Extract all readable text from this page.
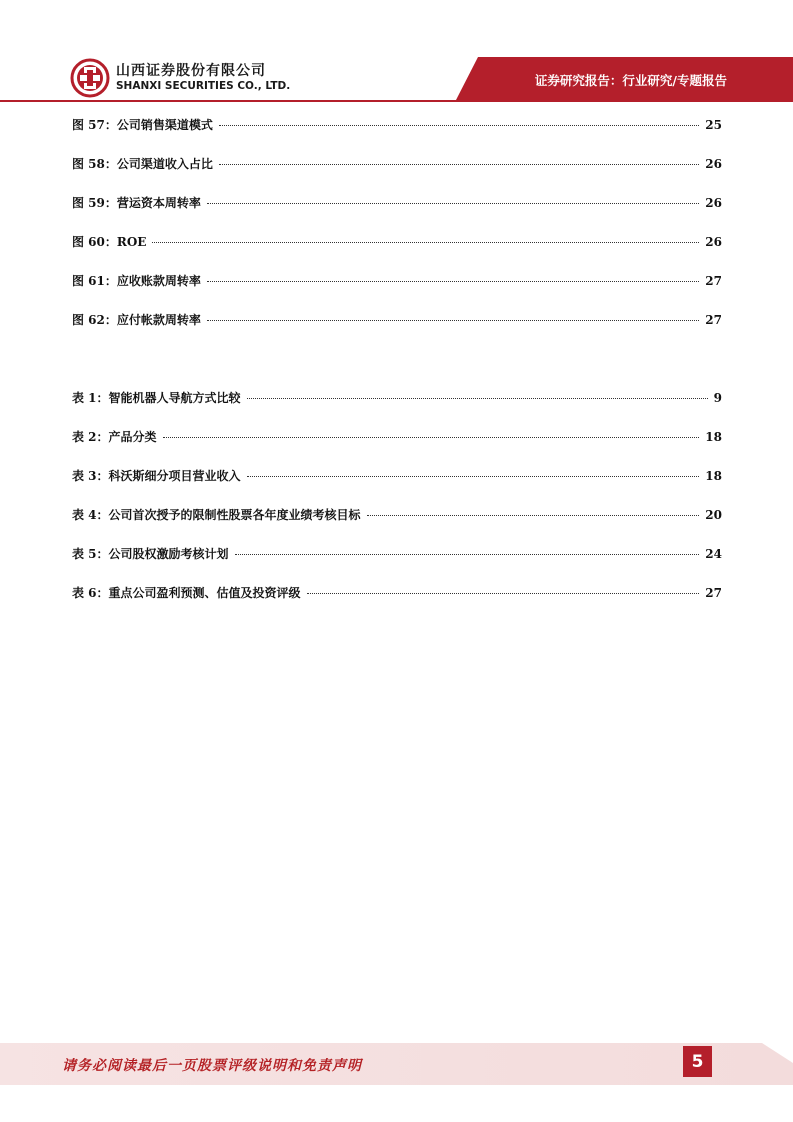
山西证券股份有限公司
SHANXI SECURITIES CO., LTD.	证券研究报告：行业研究/专题报告
图 57：公司销售渠道模式	25
图 58：公司渠道收入占比	26
图 59：营运资本周转率	26
图 60：ROE	26
图 61：应收账款周转率	27
图 62：应付帐款周转率	27
表 1：智能机器人导航方式比较	9
表 2：产品分类	18
表 3：科沃斯细分项目营业收入	18
表 4：公司首次授予的限制性股票各年度业绩考核目标	20
表 5：公司股权激励考核计划	24
表 6：重点公司盈利预测、估值及投资评级	27
请务必阅读最后一页股票评级说明和免责声明	5
